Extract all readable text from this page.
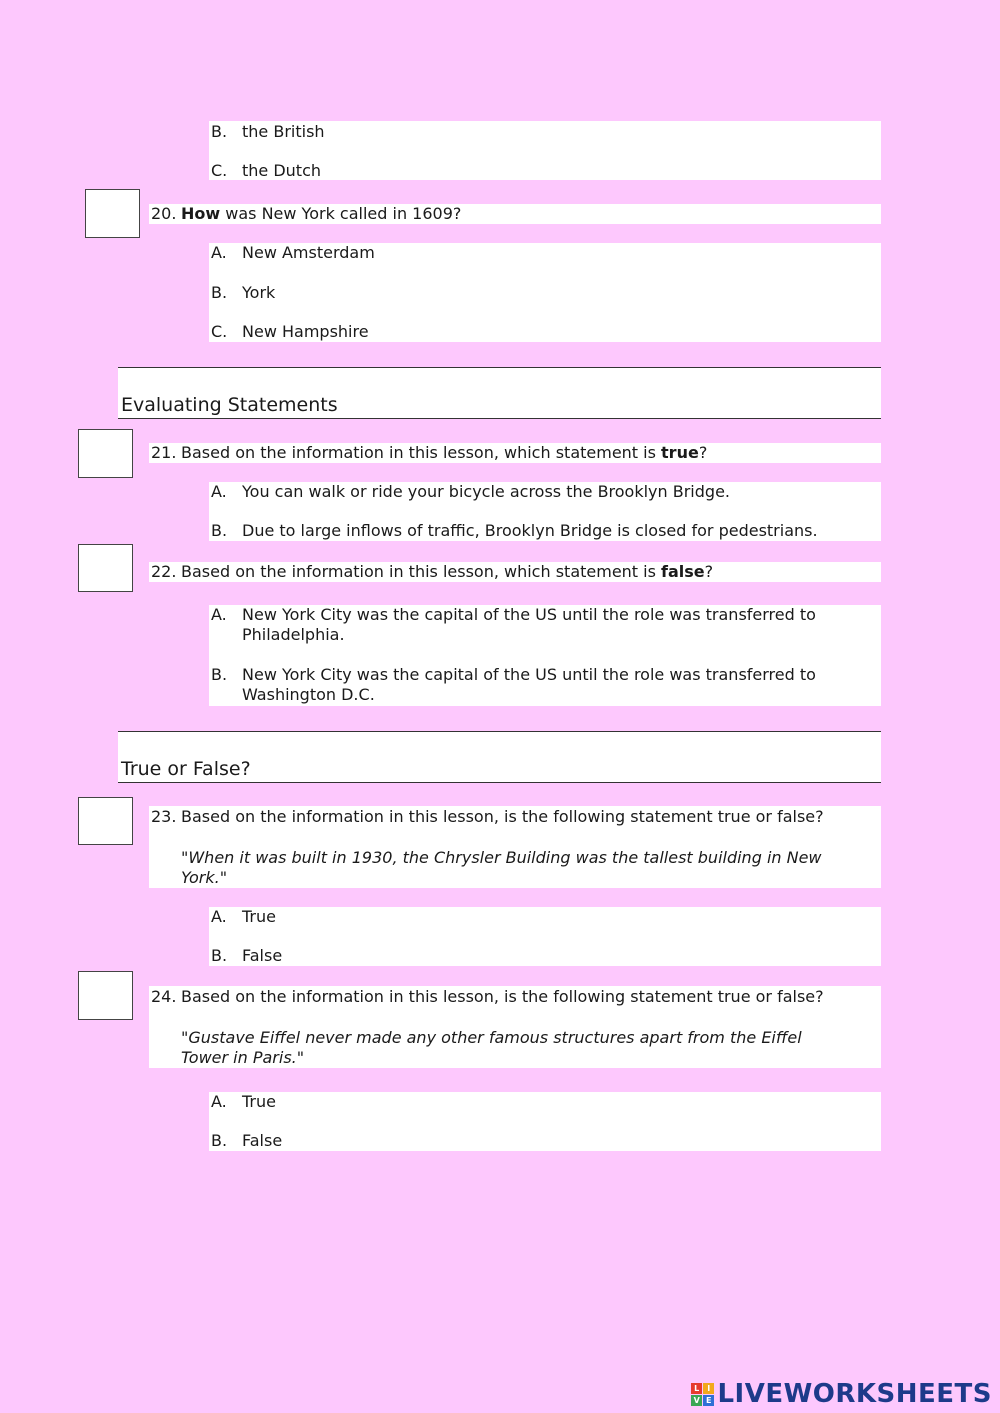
B. the British
C. the Dutch
20. How was New York called in 1609?
A. New Amsterdam
B. York
C. New Hampshire
Evaluating Statements
21. Based on the information in this lesson, which statement is true?
A. You can walk or ride your bicycle across the Brooklyn Bridge.
B. Due to large inflows of traffic, Brooklyn Bridge is closed for pedestrians.
22. Based on the information in this lesson, which statement is false?
A. New York City was the capital of the US until the role was transferred to Philadelphia.
B. New York City was the capital of the US until the role was transferred to Washington D.C.
True or False?
23. Based on the information in this lesson, is the following statement true or false?
"When it was built in 1930, the Chrysler Building was the tallest building in New York."
A. True
B. False
24. Based on the information in this lesson, is the following statement true or false?
"Gustave Eiffel never made any other famous structures apart from the Eiffel Tower in Paris."
A. True
B. False
L I
V E LIVEWORKSHEETS
